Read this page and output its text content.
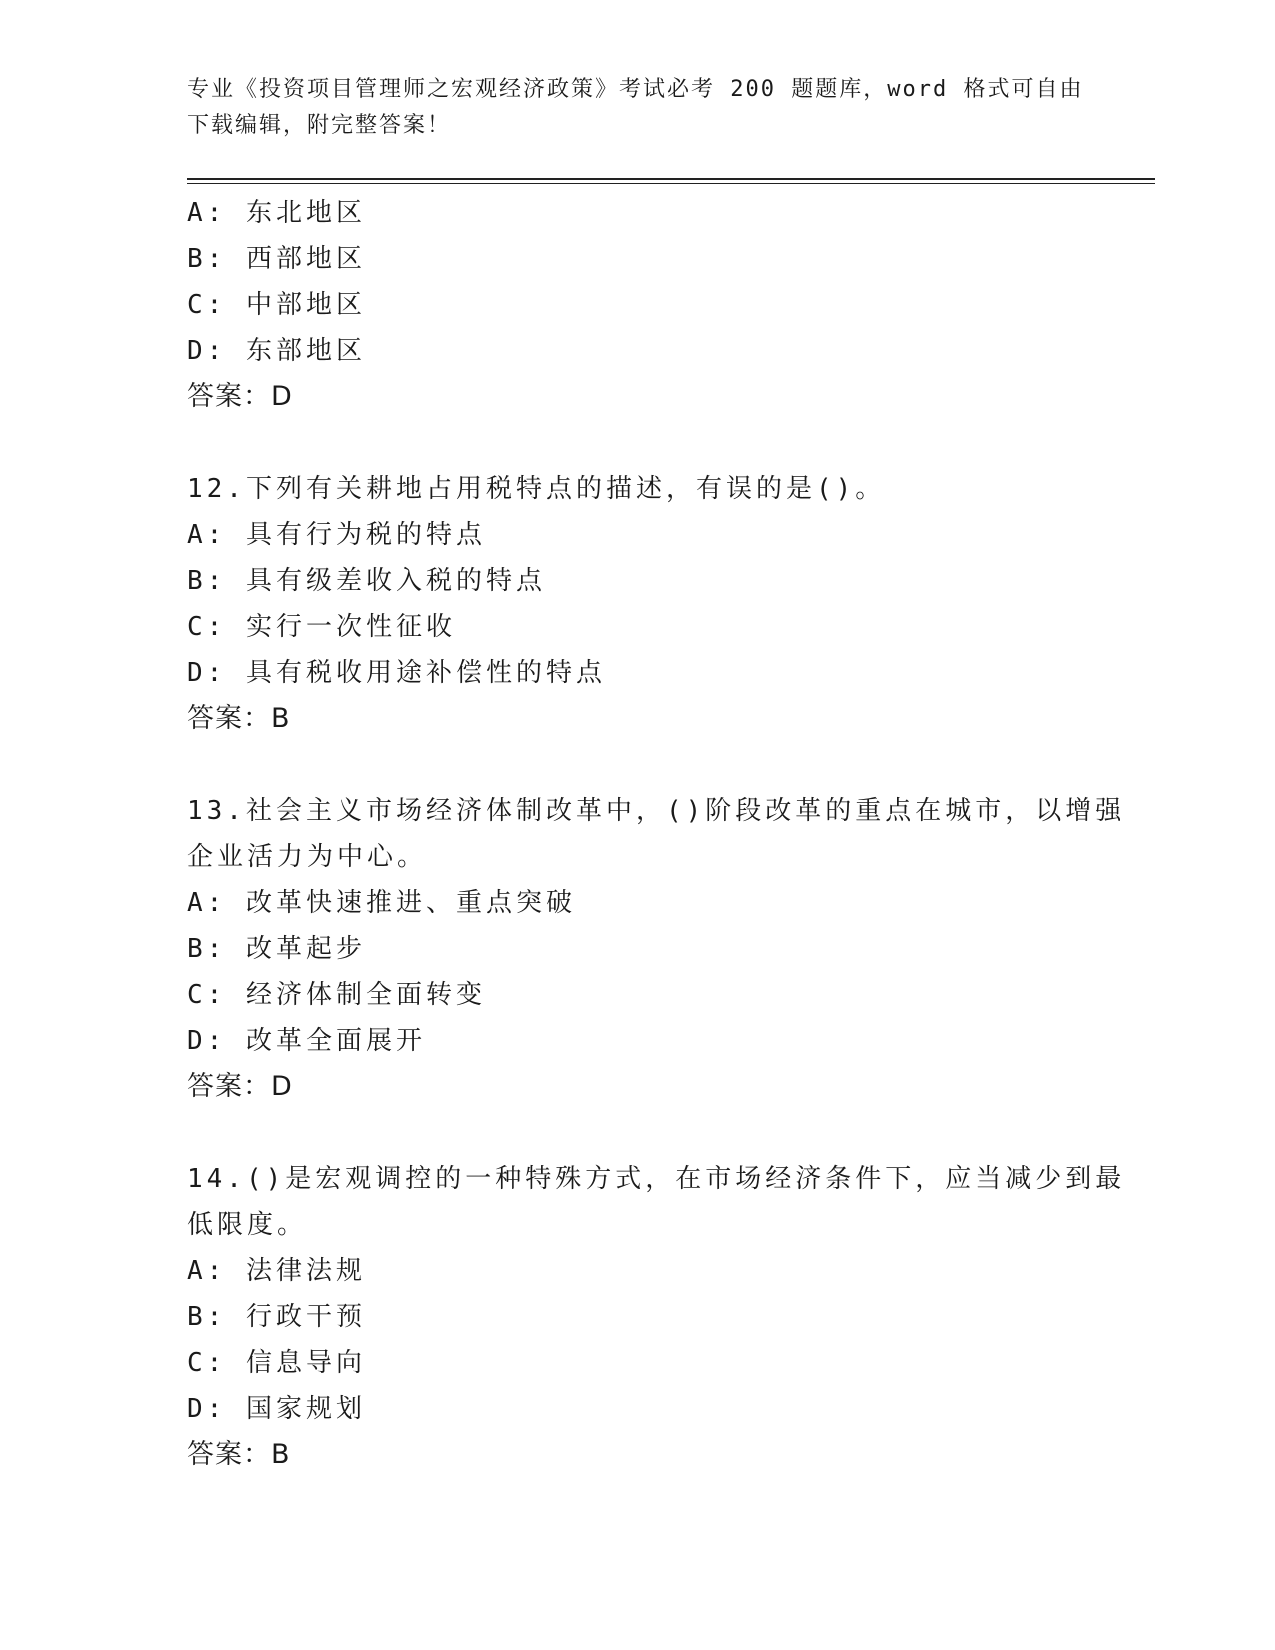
专业《投资项目管理师之宏观经济政策》考试必考 200 题题库，word 格式可自由
下载编辑，附完整答案！
A: 东北地区
B: 西部地区
C: 中部地区
D: 东部地区
答案：D
12.下列有关耕地占用税特点的描述，有误的是()。
A: 具有行为税的特点
B: 具有级差收入税的特点
C: 实行一次性征收
D: 具有税收用途补偿性的特点
答案：B
13.社会主义市场经济体制改革中，()阶段改革的重点在城市，以增强
企业活力为中心。
A: 改革快速推进、重点突破
B: 改革起步
C: 经济体制全面转变
D: 改革全面展开
答案：D
14.()是宏观调控的一种特殊方式，在市场经济条件下，应当减少到最
低限度。
A: 法律法规
B: 行政干预
C: 信息导向
D: 国家规划
答案：B
